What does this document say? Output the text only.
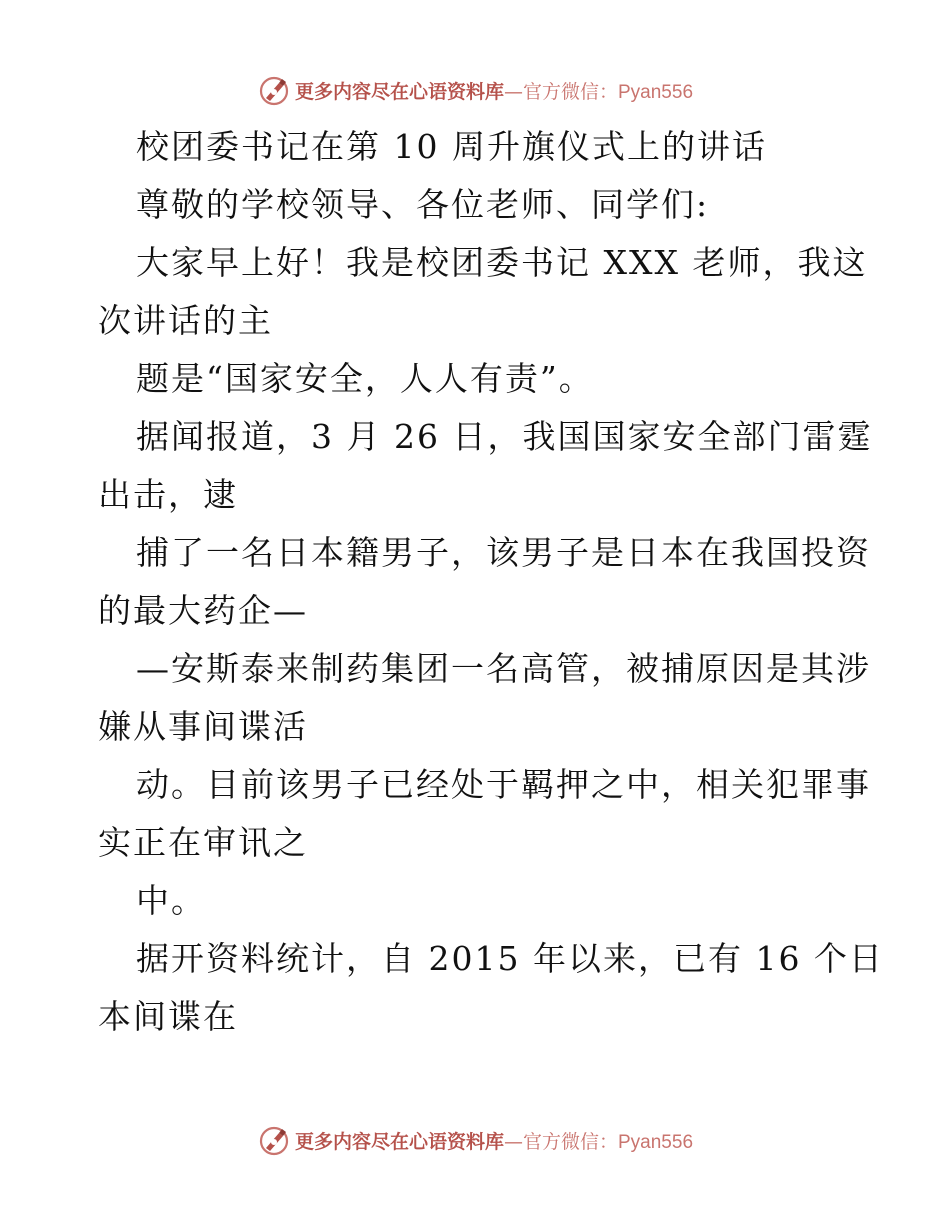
更多内容尽在心语资料库—官方微信：Pyan556
校团委书记在第 10 周升旗仪式上的讲话
尊敬的学校领导、各位老师、同学们:
大家早上好！我是校团委书记 XXX 老师，我这
次讲话的主
题是“国家安全，人人有责”。
据闻报道，3 月 26 日，我国国家安全部门雷霆
出击，逮
捕了一名日本籍男子，该男子是日本在我国投资
的最大药企—
—安斯泰来制药集团一名高管，被捕原因是其涉
嫌从事间谍活
动。目前该男子已经处于羁押之中，相关犯罪事
实正在审讯之
中。
据开资料统计，自 2015 年以来，已有 16 个日
本间谍在
更多内容尽在心语资料库—官方微信：Pyan556
